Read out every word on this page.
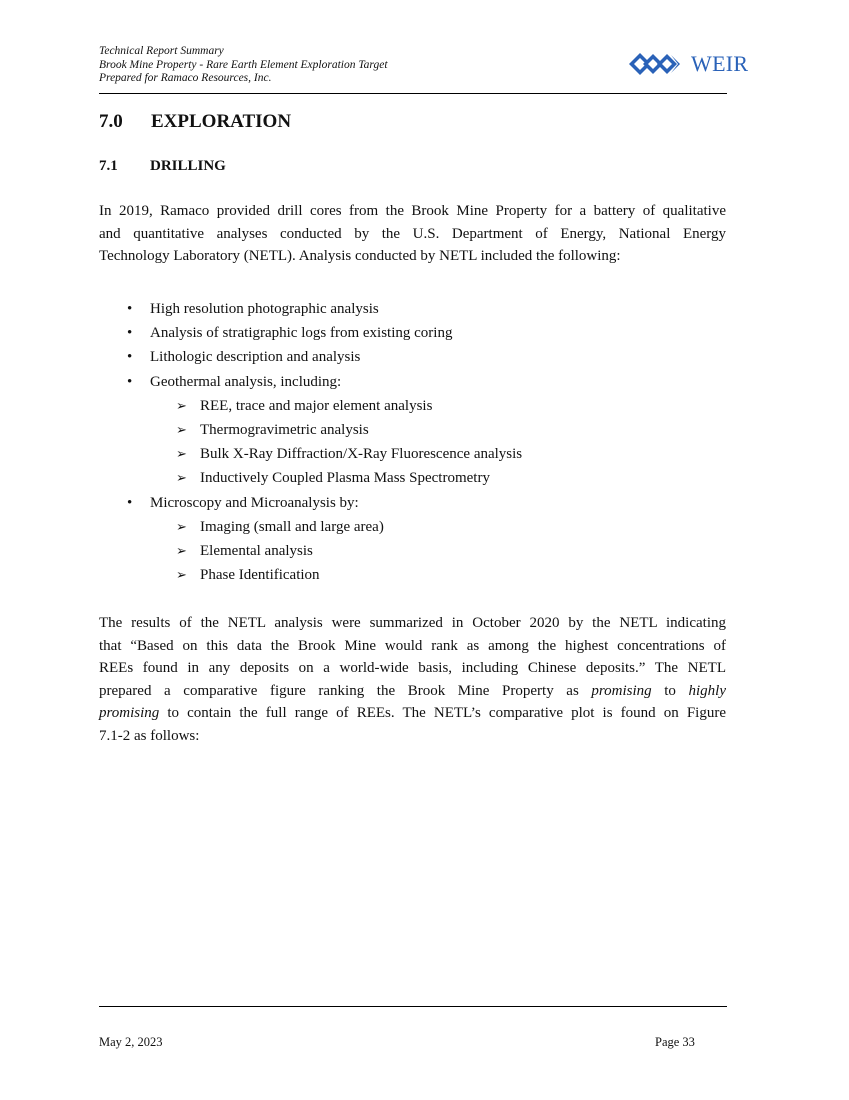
Technical Report Summary
Brook Mine Property - Rare Earth Element Exploration Target
Prepared for Ramaco Resources, Inc.
WEIR
7.0 EXPLORATION
7.1 DRILLING
In 2019, Ramaco provided drill cores from the Brook Mine Property for a battery of qualitative
and quantitative analyses conducted by the U.S. Department of Energy, National Energy
Technology Laboratory (NETL). Analysis conducted by NETL included the following:
• High resolution photographic analysis
• Analysis of stratigraphic logs from existing coring
• Lithologic description and analysis
• Geothermal analysis, including:
➢ REE, trace and major element analysis
➢ Thermogravimetric analysis
➢ Bulk X-Ray Diffraction/X-Ray Fluorescence analysis
➢ Inductively Coupled Plasma Mass Spectrometry
• Microscopy and Microanalysis by:
➢ Imaging (small and large area)
➢ Elemental analysis
➢ Phase Identification
The results of the NETL analysis were summarized in October 2020 by the NETL indicating
that “Based on this data the Brook Mine would rank as among the highest concentrations of
REEs found in any deposits on a world-wide basis, including Chinese deposits.” The NETL
prepared a comparative figure ranking the Brook Mine Property as promising to highly
promising to contain the full range of REEs. The NETL’s comparative plot is found on Figure
7.1-2 as follows:
May 2, 2023	Page 33
